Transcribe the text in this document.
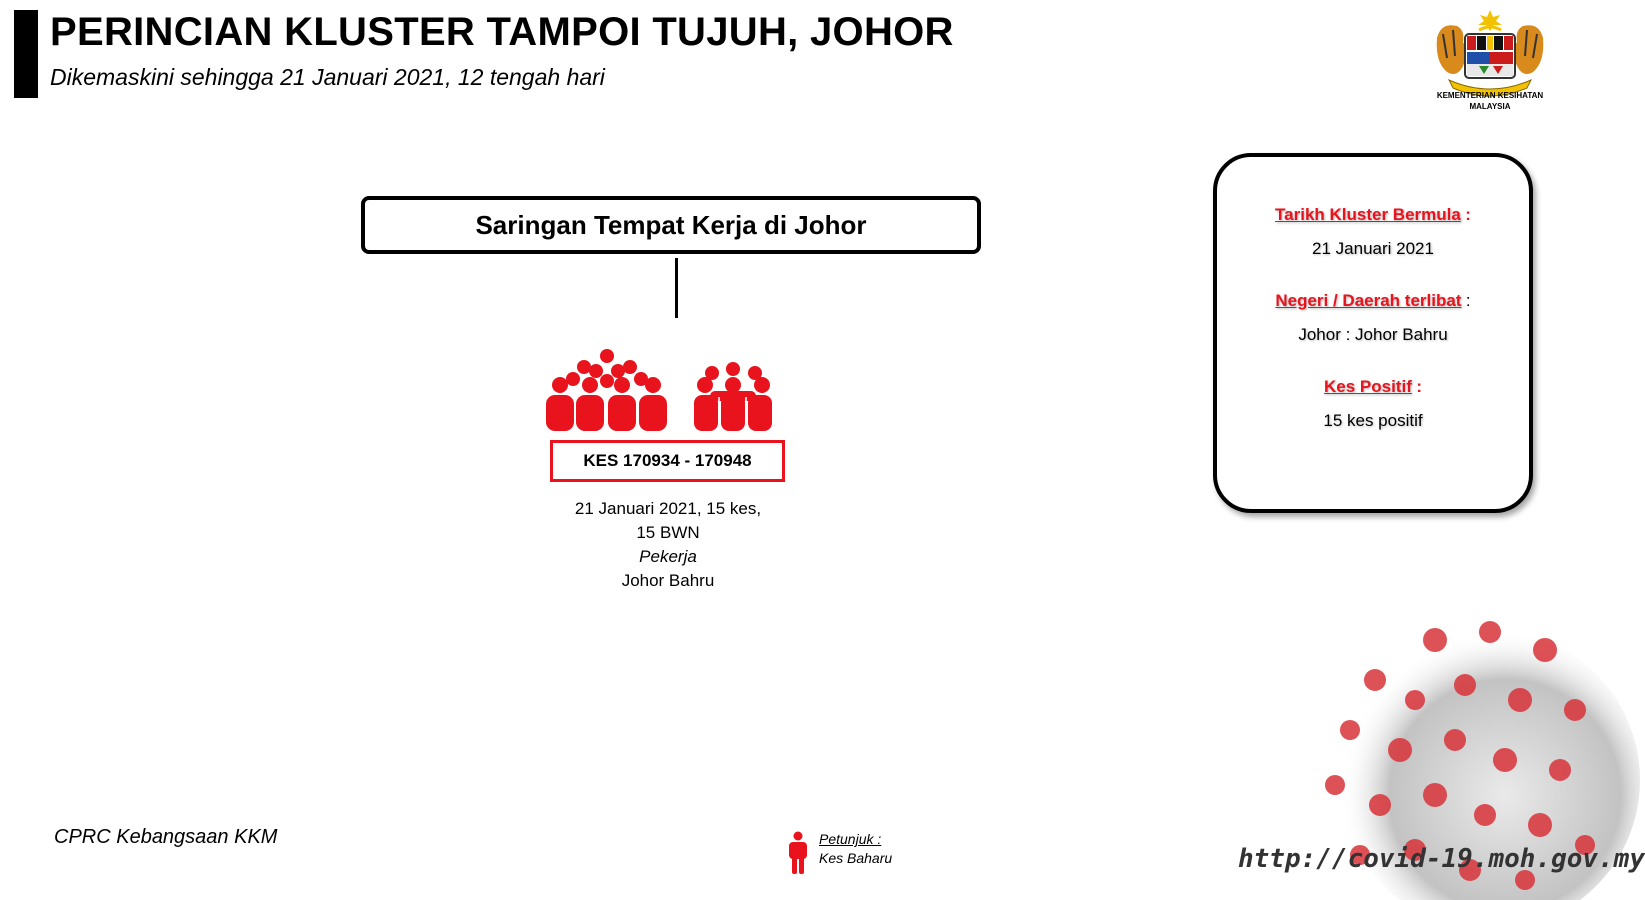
PERINCIAN KLUSTER TAMPOI TUJUH, JOHOR
Dikemaskini sehingga 21 Januari 2021, 12 tengah hari
KEMENTERIAN KESIHATAN
MALAYSIA
Saringan Tempat Kerja di Johor
KES 170934 - 170948
21 Januari 2021, 15 kes,
15 BWN
Pekerja
Johor Bahru
Tarikh Kluster Bermula :
21 Januari 2021
Negeri / Daerah terlibat :
Johor : Johor Bahru
Kes Positif :
15 kes positif
CPRC Kebangsaan KKM	Petunjuk :
Kes Baharu	http://covid-19.moh.gov.my
